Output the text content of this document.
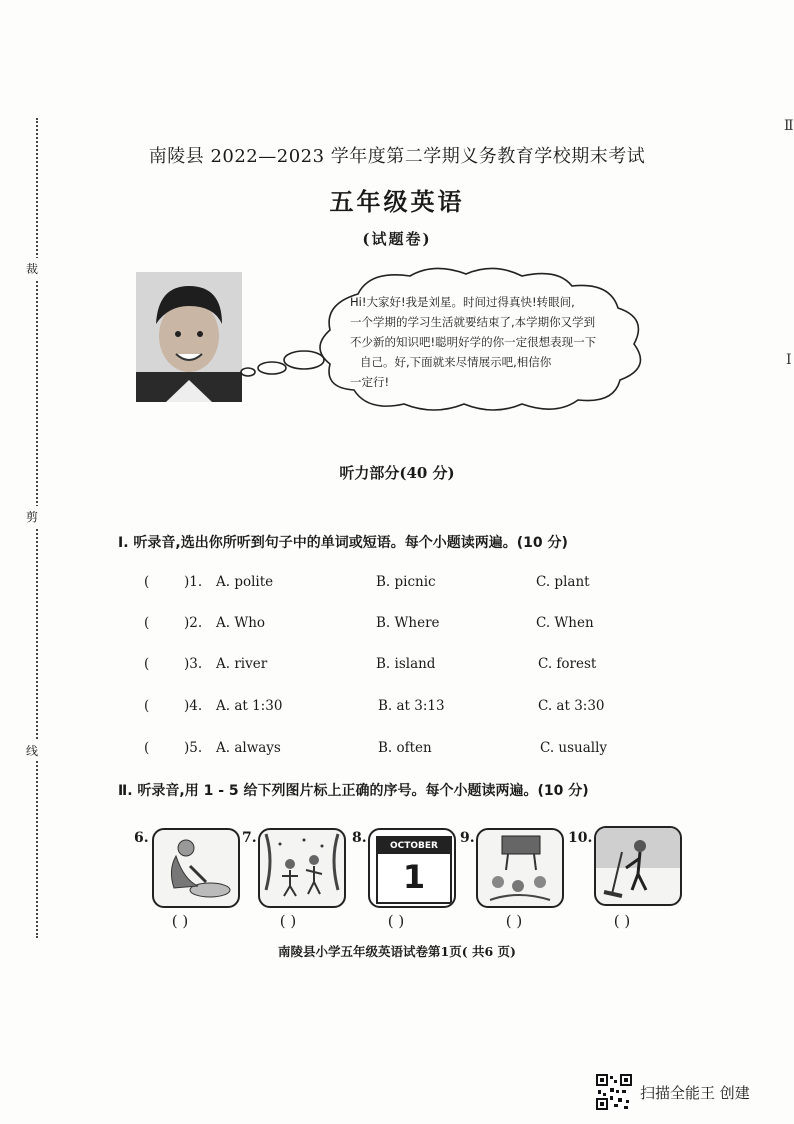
裁
剪
线
Ⅱ
Ⅰ
南陵县 2022—2023 学年度第二学期义务教育学校期末考试
五年级英语
(试题卷)
Hi!大家好!我是刘星。时间过得真快!转眼间,
一个学期的学习生活就要结束了,本学期你又学到
不少新的知识吧!聪明好学的你一定很想表现一下
自己。好,下面就来尽情展示吧,相信你
一定行!
听力部分(40 分)
Ⅰ. 听录音,选出你所听到句子中的单词或短语。每个小题读两遍。(10 分)
(	)1. A. polite	B. picnic	C. plant
(	)2. A. Who	B. Where	C. When
(	)3. A. river	B. island	C. forest
(	)4. A. at 1:30	B. at 3:13	C. at 3:30
(	)5. A. always	B. often	C. usually
Ⅱ. 听录音,用 1 - 5 给下列图片标上正确的序号。每个小题读两遍。(10 分)
6.
( )
7.
( )
8.	OCTOBER
1
( )
9.
( )
10.
( )
南陵县小学五年级英语试卷第1页( 共6 页)
扫描全能王 创建
